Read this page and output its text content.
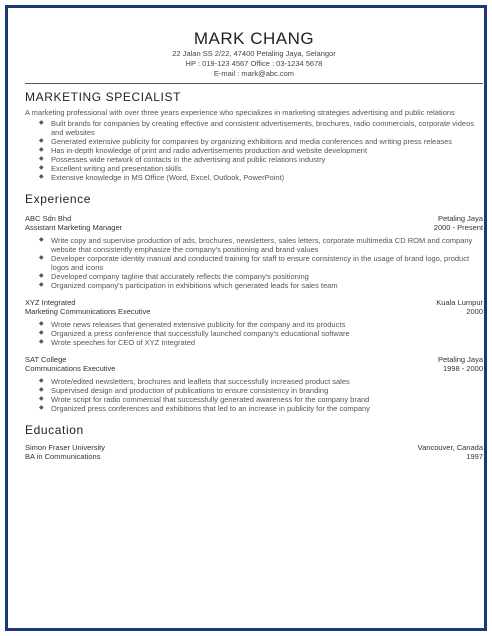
MARK CHANG
22 Jalan SS 2/22, 47400 Petaling Jaya, Selangor
HP : 019-123 4567 Office : 03-1234 5678
E-mail : mark@abc.com
MARKETING SPECIALIST
A marketing professional with over three years experience who specializes in marketing strategies advertising and public relations
◆ Built brands for companies by creating effective and consistent advertisements, brochures, radio commercials, corporate videos and websites
◆ Generated extensive publicity for companies by organizing exhibitions and media conferences and writing press releases
◆ Has in-depth knowledge of print and radio advertisements production and website development
◆ Possesses wide network of contacts in the advertising and public relations industry
◆ Excellent writing and presentation skills
◆ Extensive knowledge in MS Office (Word, Excel, Outlook, PowerPoint)
Experience
ABC Sdn Bhd	Petaling Jaya
Assistant Marketing Manager	2000 - Present
◆ Write copy and supervise production of ads, brochures, newsletters, sales letters, corporate multimedia CD ROM and company website that consistently emphasize the company's positioning and brand values
◆ Developer corporate identity manual and conducted training for staff to ensure consistency in the usage of brand logo, product logos and icons
◆ Developed company tagline that accurately reflects the company's positioning
◆ Organized company's participation in exhibitions which generated leads for sales team
XYZ Integrated	Kuala Lumpur
Marketing Communications Executive	2000
◆ Wrote news releases that generated extensive publicity for the company and its products
◆ Organized a press conference that successfully launched company's educational software
◆ Wrote speeches for CEO of XYZ Integrated
SAT College	Petaling Jaya
Communications Executive	1998 - 2000
◆ Wrote/edited newsletters, brochures and leaflets that successfully increased product sales
◆ Supervised design and production of publications to ensure consistency in branding
◆ Wrote script for radio commercial that successfully generated awareness for the company brand
◆ Organized press conferences and exhibitions that led to an increase in publicity for the company
Education
Simon Fraser University	Vancouver, Canada
BA in Communications	1997
